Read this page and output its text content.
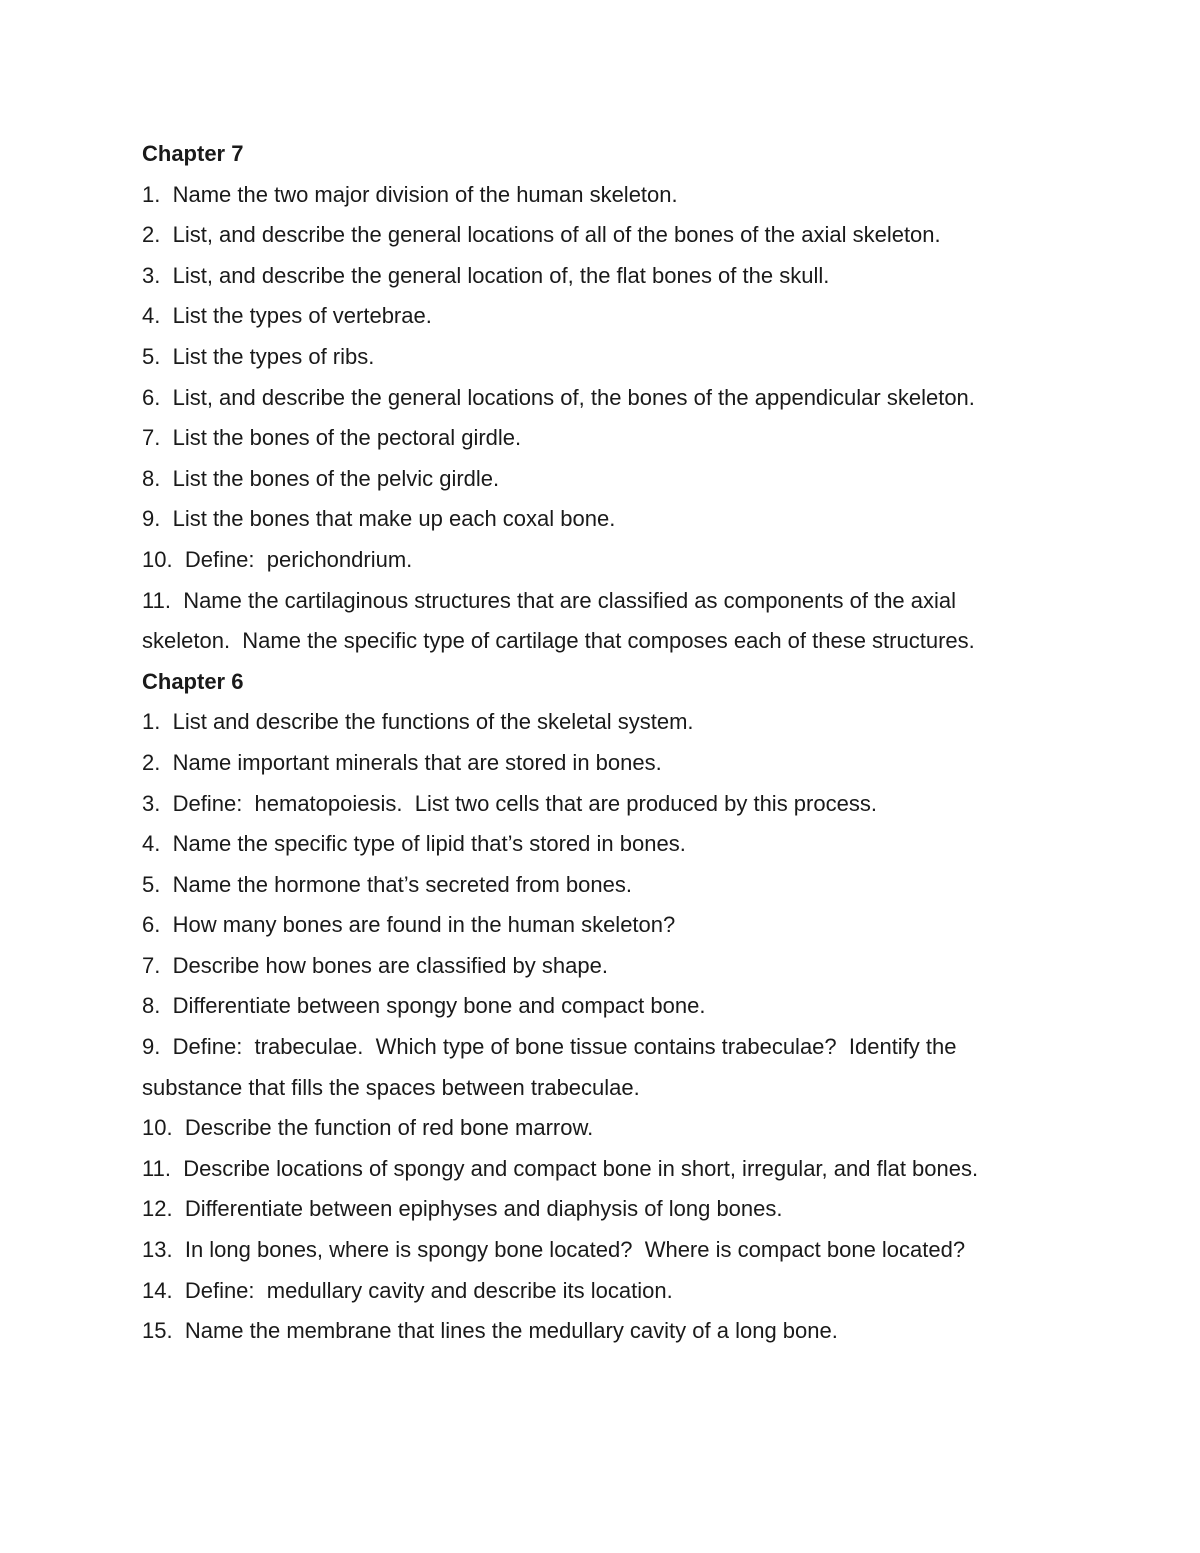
Chapter 7

1.
Name the two major division of the human skeleton.

2.
List, and describe the general locations of all of the bones of the axial skeleton.

3.
List, and describe the general location of, the flat bones of the skull.

4.
List the types of vertebrae.

5.
List the types of ribs.

6.
List, and describe the general locations of, the bones of the appendicular skeleton.

7.
List the bones of the pectoral girdle.

8.
List the bones of the pelvic girdle.

9.
List the bones that make up each coxal bone.

10.
Define:  perichondrium.

11.
Name the cartilaginous structures that are classified as components of the axial
skeleton.  Name the specific type of cartilage that composes each of these structures.

Chapter 6

1.
List and describe the functions of the skeletal system.

2.
Name important minerals that are stored in bones.

3.
Define:  hematopoiesis.  List two cells that are produced by this process.

4.
Name the specific type of lipid that’s stored in bones.

5.
Name the hormone that’s secreted from bones.

6.
How many bones are found in the human skeleton?

7.
Describe how bones are classified by shape.

8.
Differentiate between spongy bone and compact bone.

9.
Define:  trabeculae.  Which type of bone tissue contains trabeculae?  Identify the
substance that fills the spaces between trabeculae.

10.
Describe the function of red bone marrow.

11.
Describe locations of spongy and compact bone in short, irregular, and flat bones.

12.
Differentiate between epiphyses and diaphysis of long bones.

13.
In long bones, where is spongy bone located?  Where is compact bone located?

14.
Define:  medullary cavity and describe its location.

15.
Name the membrane that lines the medullary cavity of a long bone.
